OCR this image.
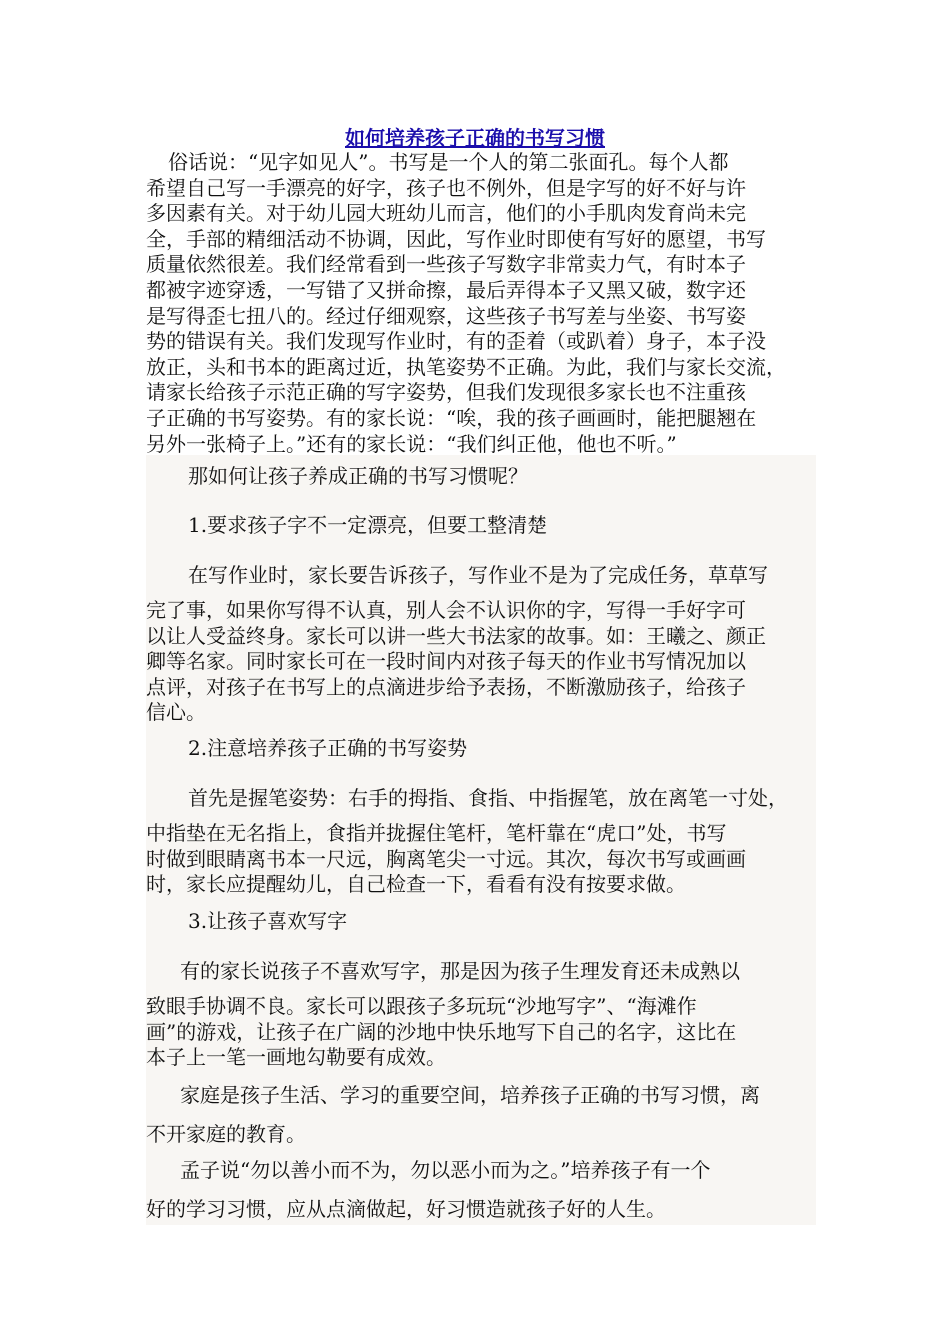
如何培养孩子正确的书写习惯

俗话说：“见字如见人”。书写是一个人的第二张面孔。每个人都
希望自己写一手漂亮的好字，孩子也不例外，但是字写的好不好与许
多因素有关。对于幼儿园大班幼儿而言，他们的小手肌肉发育尚未完
全，手部的精细活动不协调，因此，写作业时即使有写好的愿望，书写
质量依然很差。我们经常看到一些孩子写数字非常卖力气，有时本子
都被字迹穿透，一写错了又拼命擦，最后弄得本子又黑又破，数字还
是写得歪七扭八的。经过仔细观察，这些孩子书写差与坐姿、书写姿
势的错误有关。我们发现写作业时，有的歪着（或趴着）身子，本子没
放正，头和书本的距离过近，执笔姿势不正确。为此，我们与家长交流，
请家长给孩子示范正确的写字姿势，但我们发现很多家长也不注重孩
子正确的书写姿势。有的家长说：“唉，我的孩子画画时，能把腿翘在
另外一张椅子上。”还有的家长说：“我们纠正他，他也不听。”

那如何让孩子养成正确的书写习惯呢？

1.要求孩子字不一定漂亮，但要工整清楚

在写作业时，家长要告诉孩子，写作业不是为了完成任务，草草写

完了事，如果你写得不认真，别人会不认识你的字，写得一手好字可
以让人受益终身。家长可以讲一些大书法家的故事。如：王曦之、颜正
卿等名家。同时家长可在一段时间内对孩子每天的作业书写情况加以
点评，对孩子在书写上的点滴进步给予表扬，不断激励孩子，给孩子
信心。

2.注意培养孩子正确的书写姿势

首先是握笔姿势：右手的拇指、食指、中指握笔，放在离笔一寸处，

中指垫在无名指上，食指并拢握住笔杆，笔杆靠在“虎口”处，书写
时做到眼睛离书本一尺远，胸离笔尖一寸远。其次，每次书写或画画
时，家长应提醒幼儿，自己检查一下，看看有没有按要求做。

3.让孩子喜欢写字

有的家长说孩子不喜欢写字，那是因为孩子生理发育还未成熟以

致眼手协调不良。家长可以跟孩子多玩玩“沙地写字”、“海滩作
画”的游戏，让孩子在广阔的沙地中快乐地写下自己的名字，这比在
本子上一笔一画地勾勒要有成效。

家庭是孩子生活、学习的重要空间，培养孩子正确的书写习惯，离

不开家庭的教育。

孟子说“勿以善小而不为，勿以恶小而为之。”培养孩子有一个

好的学习习惯，应从点滴做起，好习惯造就孩子好的人生。
